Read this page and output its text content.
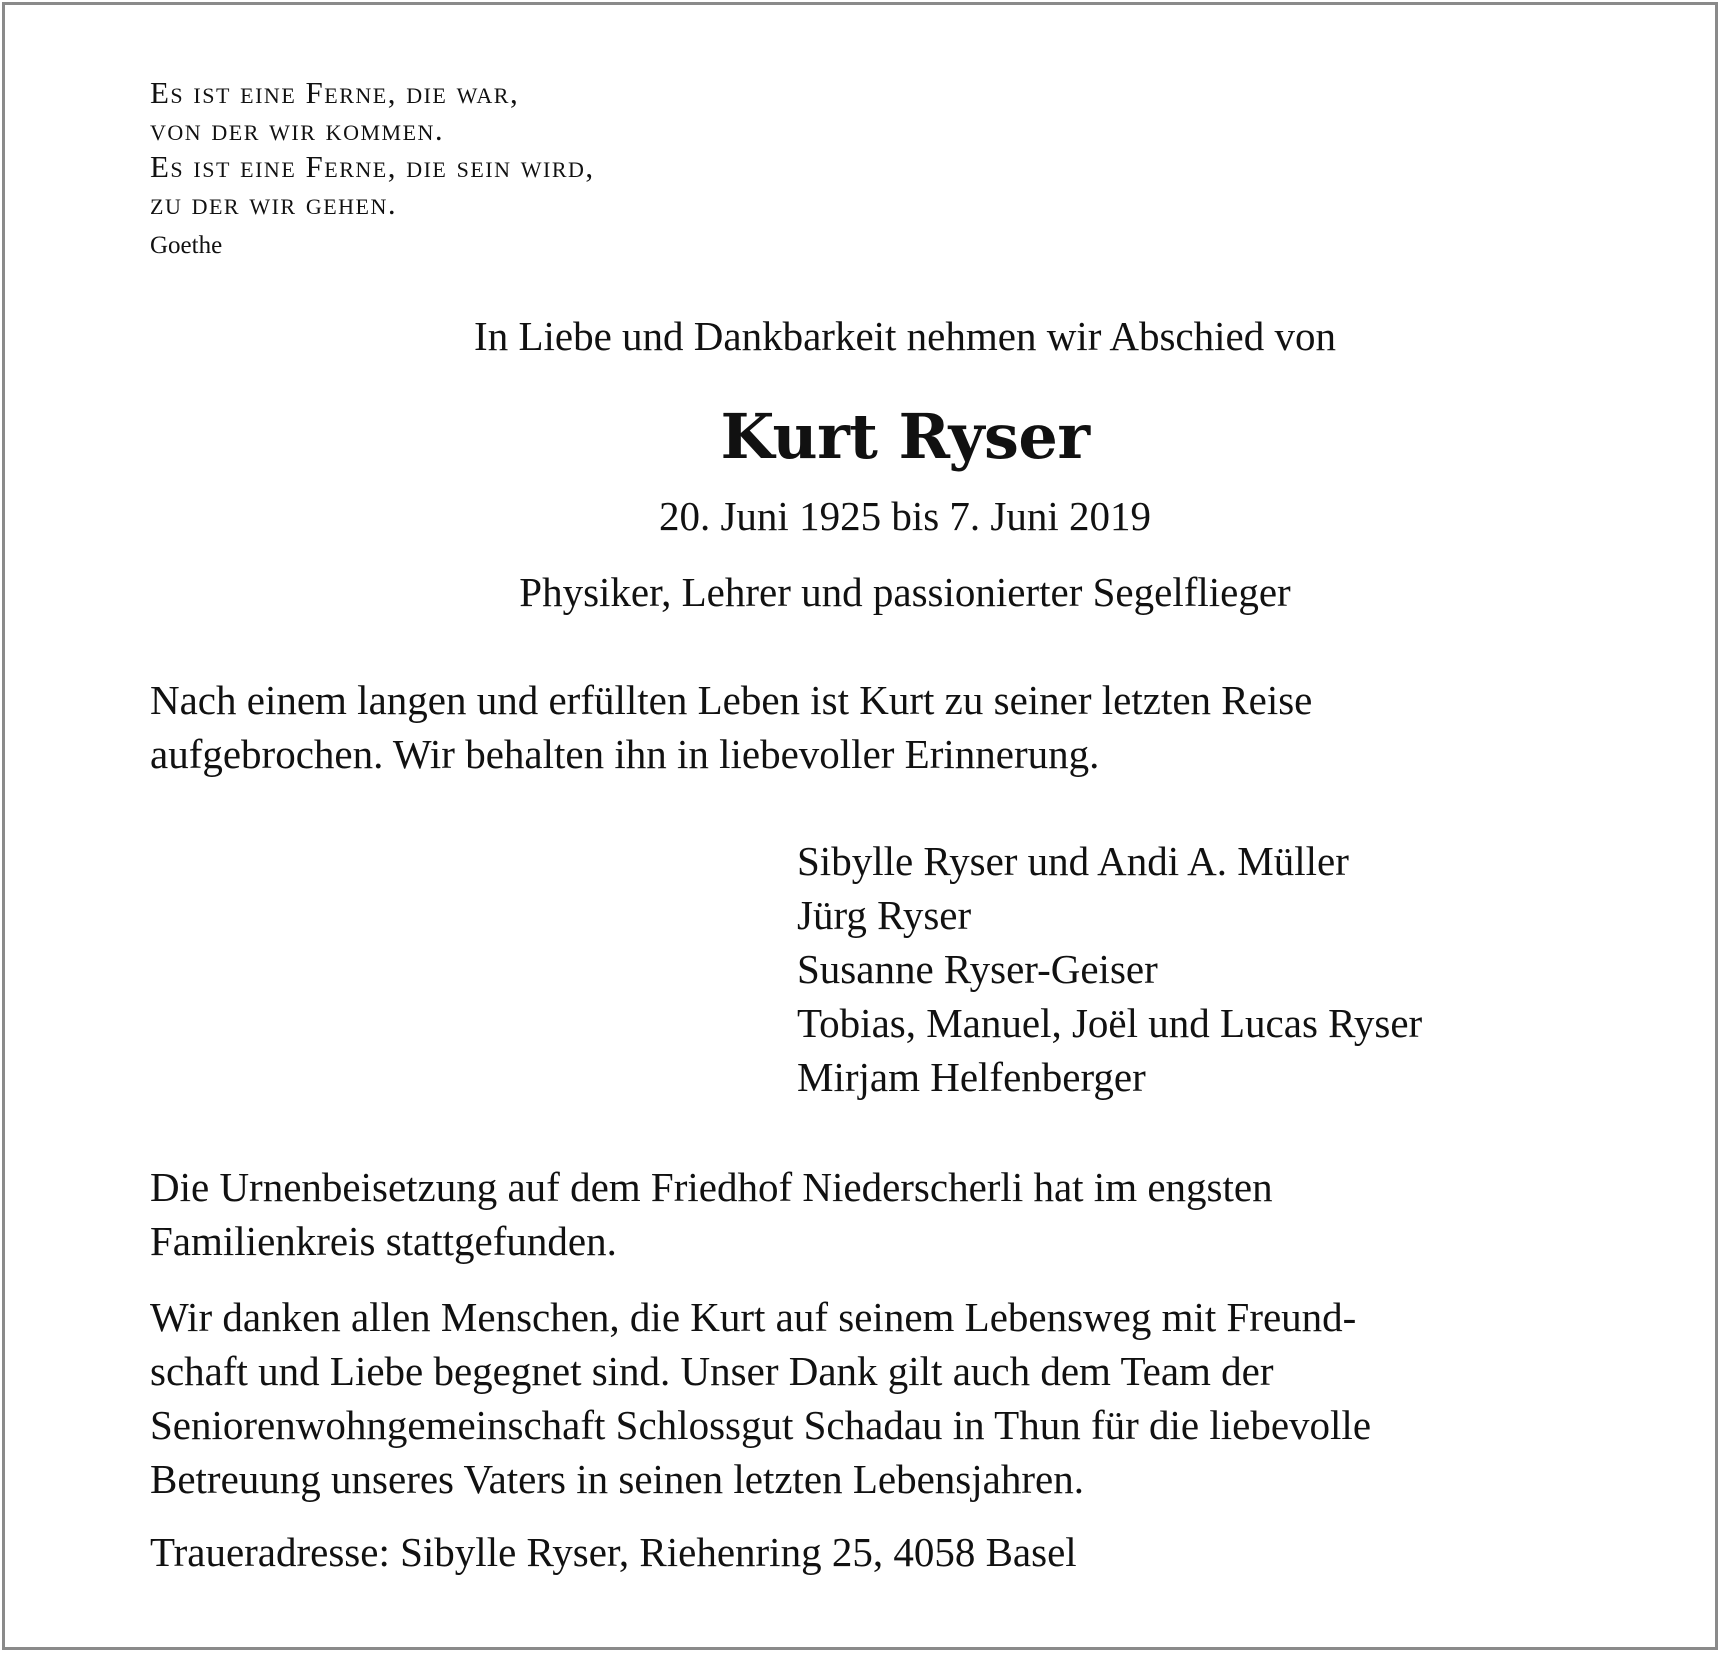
Es ist eine Ferne, die war,
von der wir kommen.
Es ist eine Ferne, die sein wird,
zu der wir gehen.
Goethe
In Liebe und Dankbarkeit nehmen wir Abschied von
Kurt Ryser
20. Juni 1925 bis 7. Juni 2019
Physiker, Lehrer und passionierter Segelflieger
Nach einem langen und erfüllten Leben ist Kurt zu seiner letzten Reise
aufgebrochen. Wir behalten ihn in liebevoller Erinnerung.
Sibylle Ryser und Andi A. Müller
Jürg Ryser
Susanne Ryser-Geiser
Tobias, Manuel, Joël und Lucas Ryser
Mirjam Helfenberger
Die Urnenbeisetzung auf dem Friedhof Niederscherli hat im engsten
Familienkreis stattgefunden.
Wir danken allen Menschen, die Kurt auf seinem Lebensweg mit Freund-
schaft und Liebe begegnet sind. Unser Dank gilt auch dem Team der
Seniorenwohngemeinschaft Schlossgut Schadau in Thun für die liebevolle
Betreuung unseres Vaters in seinen letzten Lebensjahren.
Traueradresse: Sibylle Ryser, Riehenring 25, 4058 Basel
